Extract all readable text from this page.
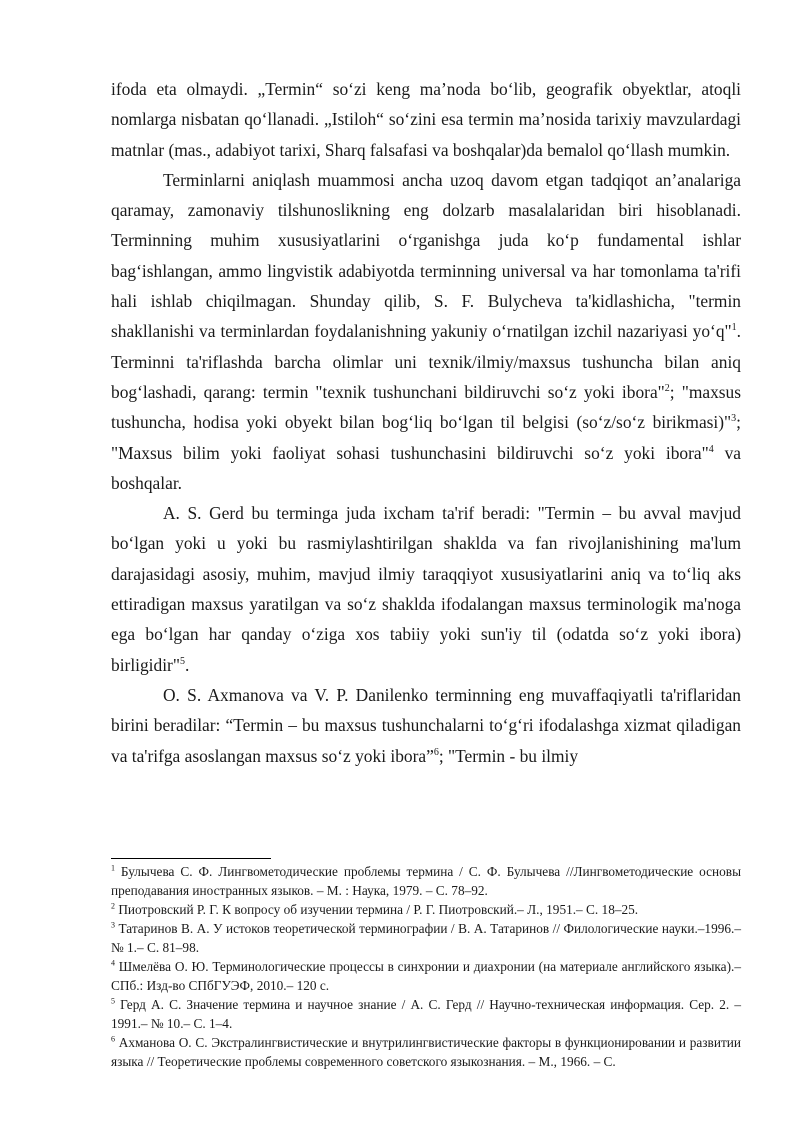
ifoda eta olmaydi. „Termin“ so‘zi keng ma’noda bo‘lib, geografik obyektlar, atoqli nomlarga nisbatan qo‘llanadi. „Istiloh“ so‘zini esa termin ma’nosida tarixiy mavzulardagi matnlar (mas., adabiyot tarixi, Sharq falsafasi va boshqalar)da bemalol qo‘llash mumkin.

Terminlarni aniqlash muammosi ancha uzoq davom etgan tadqiqot an’analariga qaramay, zamonaviy tilshunoslikning eng dolzarb masalalaridan biri hisoblanadi. Terminning muhim xususiyatlarini o‘rganishga juda ko‘p fundamental ishlar bag‘ishlangan, ammo lingvistik adabiyotda terminning universal va har tomonlama ta'rifi hali ishlab chiqilmagan. Shunday qilib, S. F. Bulycheva ta'kidlashicha, "termin shakllanishi va terminlardan foydalanishning yakuniy o‘rnatilgan izchil nazariyasi yo‘q"$^1$. Terminni ta'riflashda barcha olimlar uni texnik/ilmiy/maxsus tushuncha bilan aniq bog‘lashadi, qarang: termin "texnik tushunchani bildiruvchi so‘z yoki ibora"$^2$; "maxsus tushuncha, hodisa yoki obyekt bilan bog‘liq bo‘lgan til belgisi (so‘z/so‘z birikmasi)"$^3$; "Maxsus bilim yoki faoliyat sohasi tushunchasini bildiruvchi so‘z yoki ibora"$^4$ va boshqalar.

A. S. Gerd bu terminga juda ixcham ta'rif beradi: "Termin – bu avval mavjud bo‘lgan yoki u yoki bu rasmiylashtirilgan shaklda va fan rivojlanishining ma'lum darajasidagi asosiy, muhim, mavjud ilmiy taraqqiyot xususiyatlarini aniq va to‘liq aks ettiradigan maxsus yaratilgan va so‘z shaklda ifodalangan maxsus terminologik ma'noga ega bo‘lgan har qanday o‘ziga xos tabiiy yoki sun'iy til (odatda so‘z yoki ibora) birligidir"$^5$.

O. S. Axmanova va V. P. Danilenko terminning eng muvaffaqiyatli ta'riflaridan birini beradilar: “Termin – bu maxsus tushunchalarni to‘g‘ri ifodalashga xizmat qiladigan va ta'rifga asoslangan maxsus so‘z yoki ibora”$^6$; "Termin - bu ilmiy

$^1$ Булычева С. Ф. Лингвометодические проблемы термина / С. Ф. Булычева //Лингвометодические основы преподавания иностранных языков. – М. : Наука, 1979. – С. 78–92.

$^2$ Пиотровский Р. Г. К вопросу об изучении термина / Р. Г. Пиотровский.– Л., 1951.– С. 18–25.

$^3$ Татаринов В. А. У истоков теоретической терминографии / В. А. Татаринов // Филологические науки.–1996.– № 1.– С. 81–98.

$^4$ Шмелёва О. Ю. Терминологические процессы в синхронии и диахронии (на материале английского языка).– СПб.: Изд-во СПбГУЭФ, 2010.– 120 с.

$^5$ Герд А. С. Значение термина и научное знание / А. С. Герд // Научно-техническая информация. Сер. 2. –1991.– № 10.– С. 1–4.

$^6$ Ахманова О. С. Экстралингвистические и внутрилингвистические факторы в функционировании и развитии языка // Теоретические проблемы современного советского языкознания. – М., 1966. – С.
